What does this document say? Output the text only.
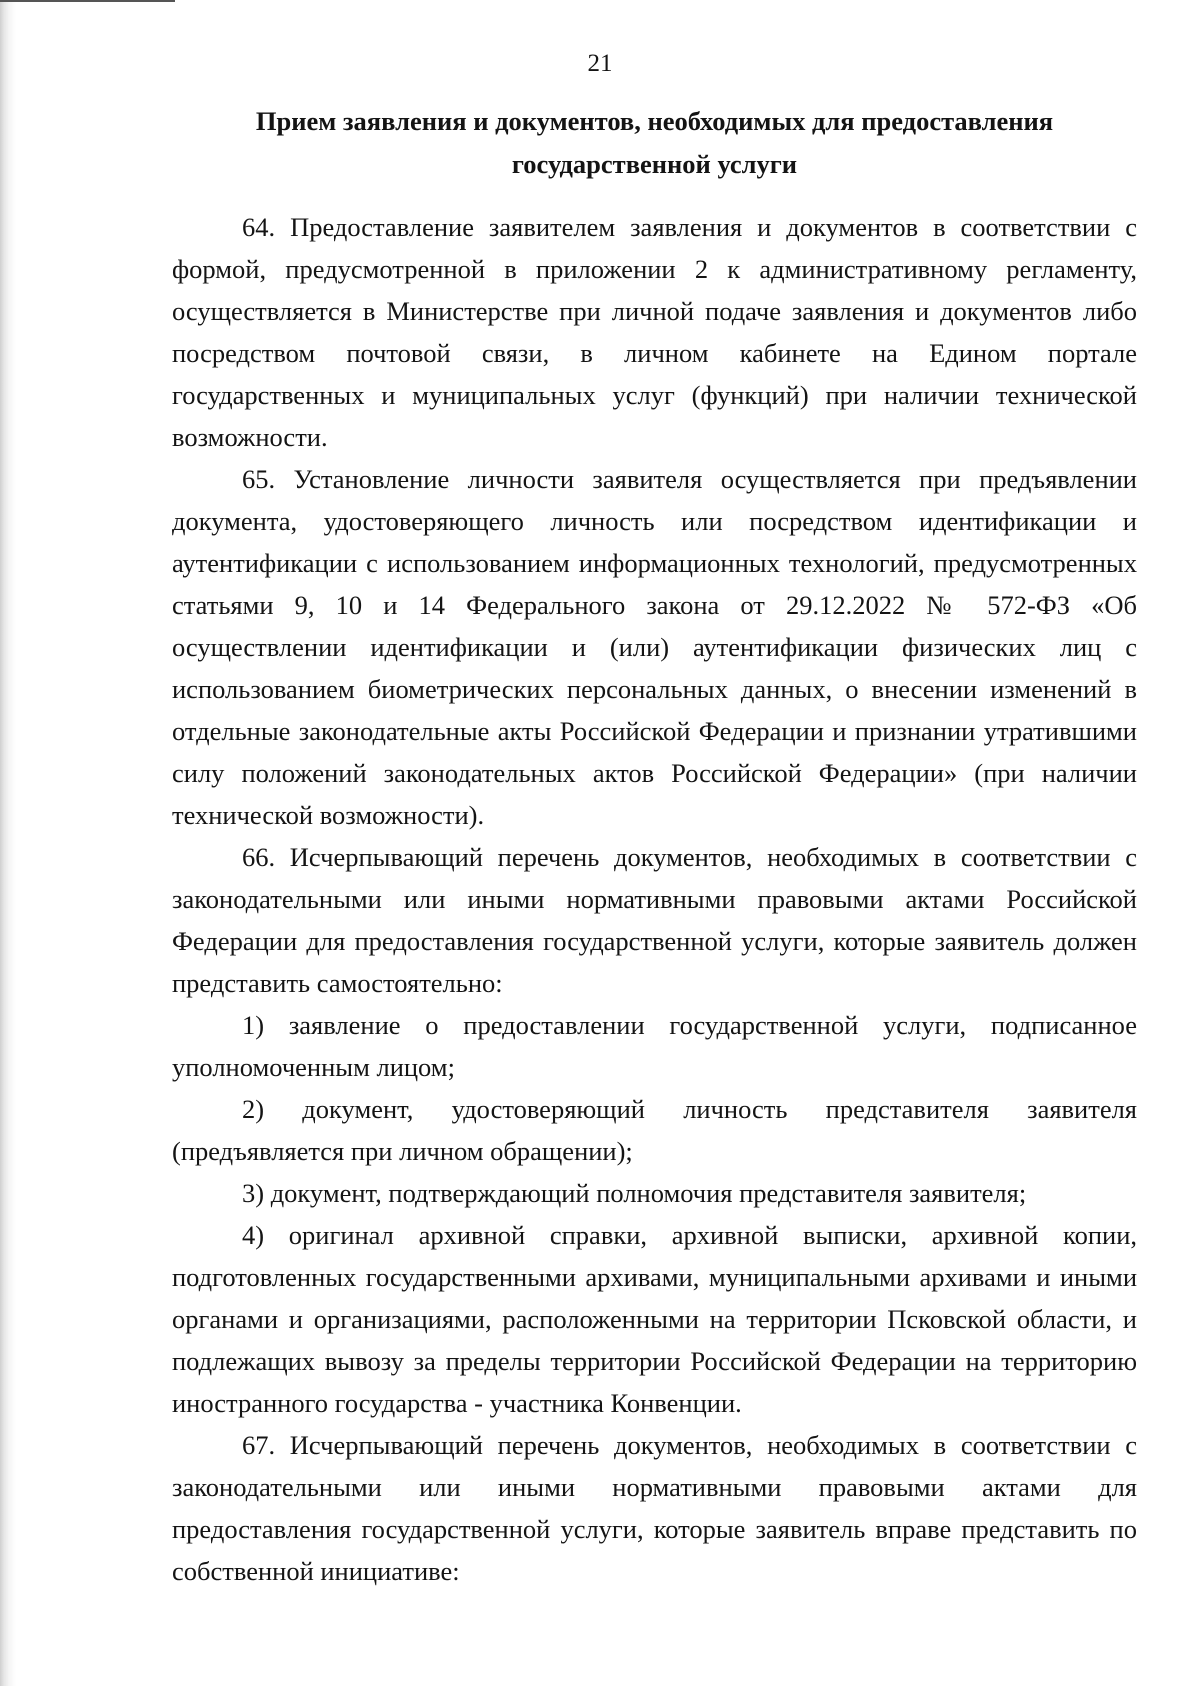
21
Прием заявления и документов, необходимых для предоставления
государственной услуги

64. Предоставление заявителем заявления и документов в соответствии с формой, предусмотренной в приложении 2 к административному регламенту, осуществляется в Министерстве при личной подаче заявления и документов либо посредством почтовой связи, в личном кабинете на Едином портале государственных и муниципальных услуг (функций) при наличии технической возможности.

65. Установление личности заявителя осуществляется при предъявлении документа, удостоверяющего личность или посредством идентификации и аутентификации с использованием информационных технологий, предусмотренных статьями 9, 10 и 14 Федерального закона от 29.12.2022 № 572-ФЗ «Об осуществлении идентификации и (или) аутентификации физических лиц с использованием биометрических персональных данных, о внесении изменений в отдельные законодательные акты Российской Федерации и признании утратившими силу положений законодательных актов Российской Федерации» (при наличии технической возможности).

66. Исчерпывающий перечень документов, необходимых в соответствии с законодательными или иными нормативными правовыми актами Российской Федерации для предоставления государственной услуги, которые заявитель должен представить самостоятельно:

1) заявление о предоставлении государственной услуги, подписанное уполномоченным лицом;

2) документ, удостоверяющий личность представителя заявителя (предъявляется при личном обращении);

3) документ, подтверждающий полномочия представителя заявителя;

4) оригинал архивной справки, архивной выписки, архивной копии, подготовленных государственными архивами, муниципальными архивами и иными органами и организациями, расположенными на территории Псковской области, и подлежащих вывозу за пределы территории Российской Федерации на территорию иностранного государства - участника Конвенции.

67. Исчерпывающий перечень документов, необходимых в соответствии с законодательными или иными нормативными правовыми актами для предоставления государственной услуги, которые заявитель вправе представить по собственной инициативе:
